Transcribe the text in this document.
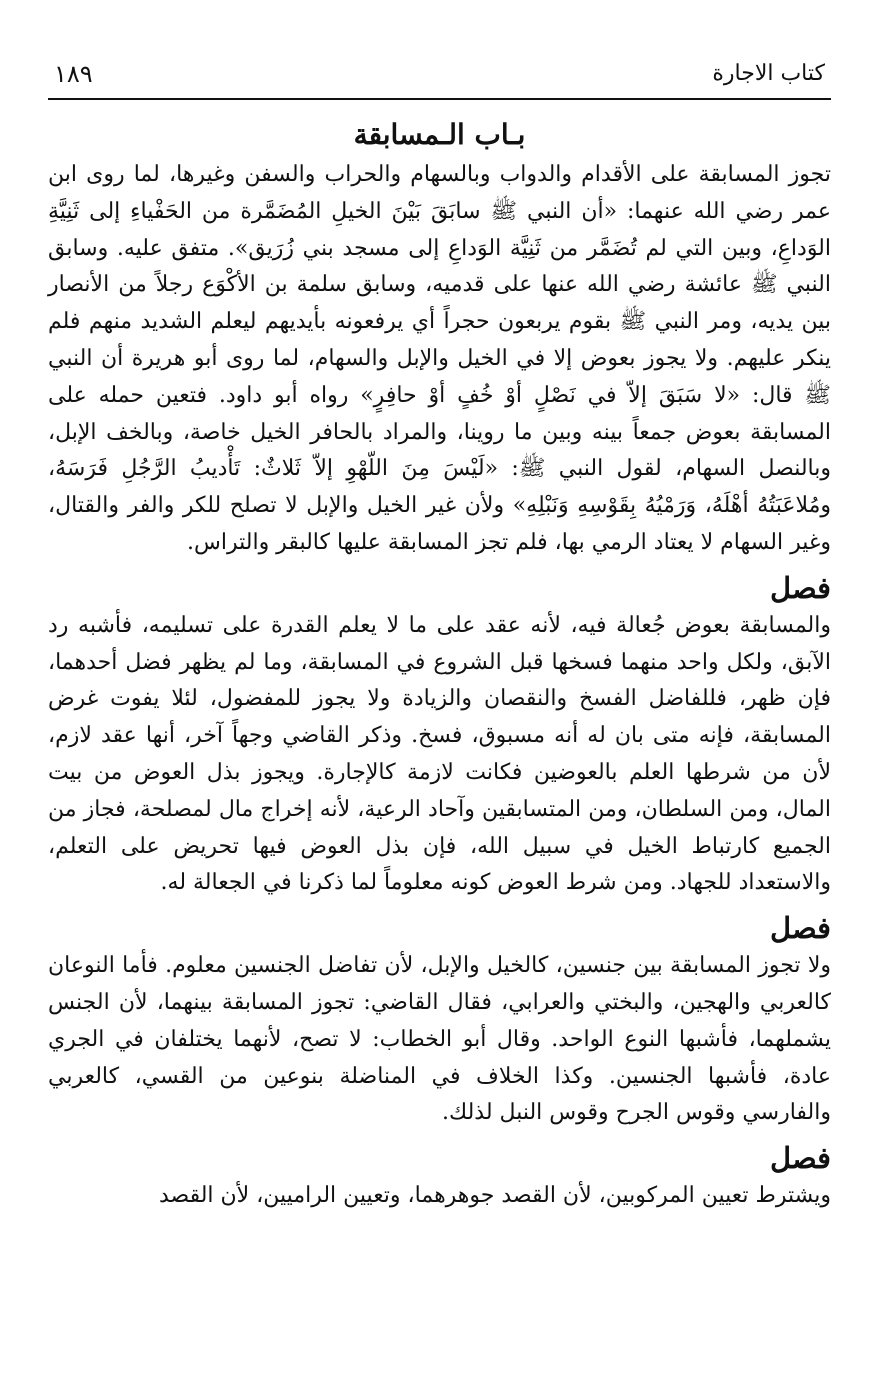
كتاب الاجارة
١٨٩
بـاب الـمسابقة

تجوز المسابقة على الأقدام والدواب وبالسهام والحراب والسفن وغيرها، لما روى ابن عمر رضي الله عنهما: «أن النبي ﷺ سابَقَ بَيْنَ الخيلِ المُضَمَّرة من الحَفْياءِ إلى ثَنِيَّةِ الوَداعِ، وبين التي لم تُضَمَّر من ثَنِيَّة الوَداعِ إلى مسجد بني زُرَيق». متفق عليه. وسابق النبي ﷺ عائشة رضي الله عنها على قدميه، وسابق سلمة بن الأكْوَع رجلاً من الأنصار بين يديه، ومر النبي ﷺ بقوم يربعون حجراً أي يرفعونه بأيديهم ليعلم الشديد منهم فلم ينكر عليهم. ولا يجوز بعوض إلا في الخيل والإبل والسهام، لما روى أبو هريرة أن النبي ﷺ قال: «لا سَبَقَ إلاّ في نَصْلٍ أوْ خُفٍ أوْ حافِرٍ» رواه أبو داود. فتعين حمله على المسابقة بعوض جمعاً بينه وبين ما روينا، والمراد بالحافر الخيل خاصة، وبالخف الإبل، وبالنصل السهام، لقول النبي ﷺ: «لَيْسَ مِنَ اللّهْوِ إلاّ ثَلاثٌ: تَأْديبُ الرَّجُلِ فَرَسَهُ، ومُلاعَبَتُهُ أهْلَهُ، وَرَمْيُهُ بِقَوْسِهِ وَنَبْلِهِ» ولأن غير الخيل والإبل لا تصلح للكر والفر والقتال، وغير السهام لا يعتاد الرمي بها، فلم تجز المسابقة عليها كالبقر والتراس.

فصل

والمسابقة بعوض جُعالة فيه، لأنه عقد على ما لا يعلم القدرة على تسليمه، فأشبه رد الآبق، ولكل واحد منهما فسخها قبل الشروع في المسابقة، وما لم يظهر فضل أحدهما، فإن ظهر، فللفاضل الفسخ والنقصان والزيادة ولا يجوز للمفضول، لئلا يفوت غرض المسابقة، فإنه متى بان له أنه مسبوق، فسخ. وذكر القاضي وجهاً آخر، أنها عقد لازم، لأن من شرطها العلم بالعوضين فكانت لازمة كالإجارة. ويجوز بذل العوض من بيت المال، ومن السلطان، ومن المتسابقين وآحاد الرعية، لأنه إخراج مال لمصلحة، فجاز من الجميع كارتباط الخيل في سبيل الله، فإن بذل العوض فيها تحريض على التعلم، والاستعداد للجهاد. ومن شرط العوض كونه معلوماً لما ذكرنا في الجعالة له.

فصل

ولا تجوز المسابقة بين جنسين، كالخيل والإبل، لأن تفاضل الجنسين معلوم. فأما النوعان كالعربي والهجين، والبختي والعرابي، فقال القاضي: تجوز المسابقة بينهما، لأن الجنس يشملهما، فأشبها النوع الواحد. وقال أبو الخطاب: لا تصح، لأنهما يختلفان في الجري عادة، فأشبها الجنسين. وكذا الخلاف في المناضلة بنوعين من القسي، كالعربي والفارسي وقوس الجرح وقوس النبل لذلك.

فصل

ويشترط تعيين المركوبين، لأن القصد جوهرهما، وتعيين الراميين، لأن القصد
